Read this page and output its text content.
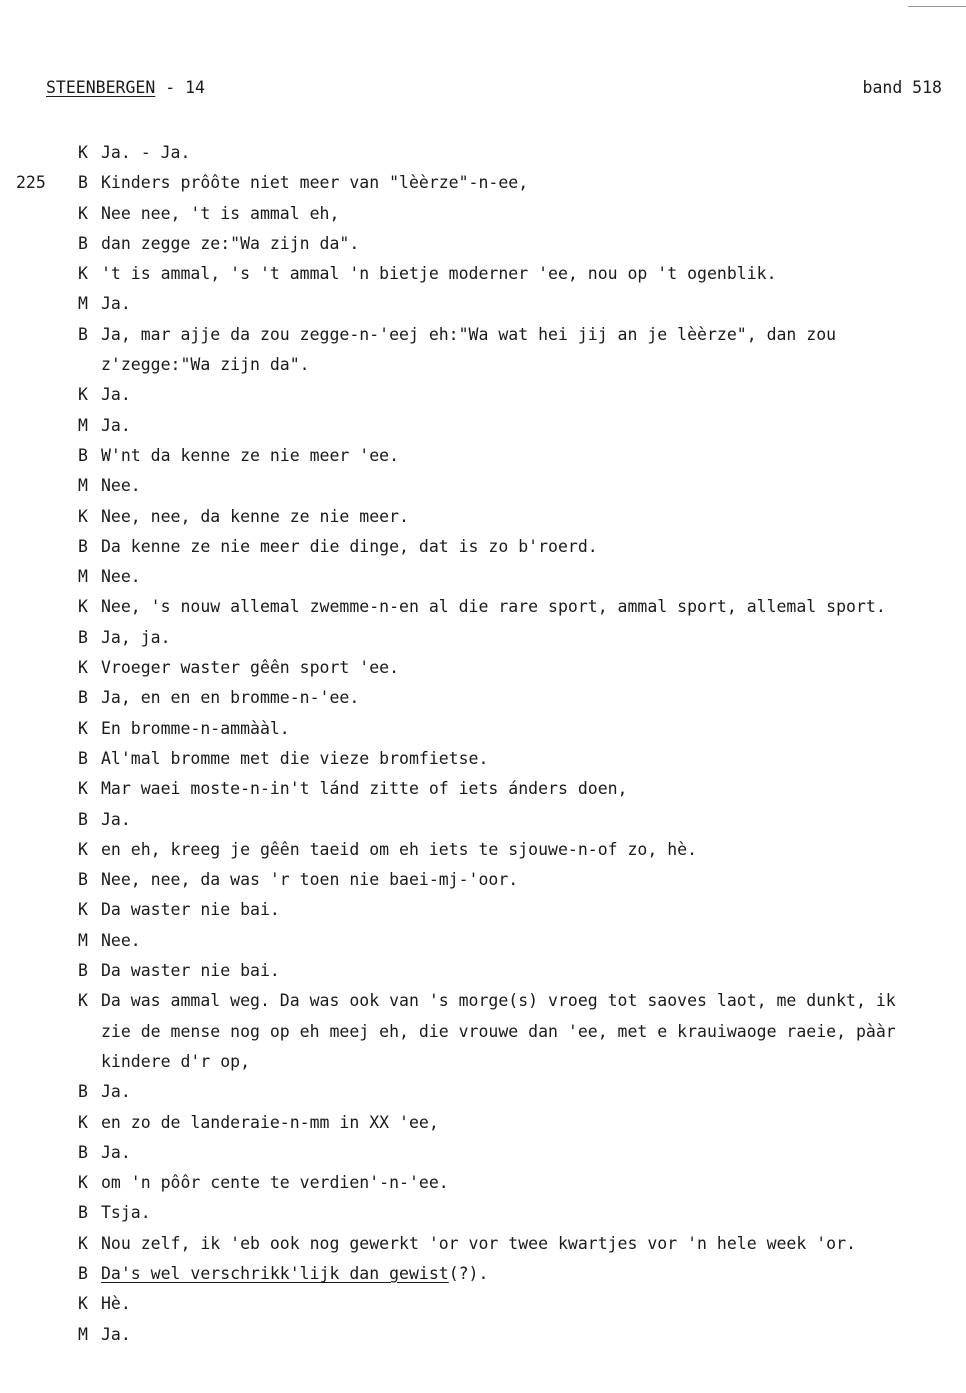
STEENBERGEN - 14	band 518
K Ja. - Ja.
225 B Kinders prôôte niet meer van "lèèrze"-n-ee,
K Nee nee, 't is ammal eh,
B dan zegge ze:"Wa zijn da".
K 't is ammal, 's 't ammal 'n bietje moderner 'ee, nou op 't ogenblik.
M Ja.
B Ja, mar ajje da zou zegge-n-'eej eh:"Wa wat hei jij an je lèèrze", dan zou
z'zegge:"Wa zijn da".
K Ja.
M Ja.
B W'nt da kenne ze nie meer 'ee.
M Nee.
K Nee, nee, da kenne ze nie meer.
B Da kenne ze nie meer die dinge, dat is zo b'roerd.
M Nee.
K Nee, 's nouw allemal zwemme-n-en al die rare sport, ammal sport, allemal sport.
B Ja, ja.
K Vroeger waster gêên sport 'ee.
B Ja, en en en bromme-n-'ee.
K En bromme-n-ammààl.
B Al'mal bromme met die vieze bromfietse.
K Mar waei moste-n-in't lánd zitte of iets ánders doen,
B Ja.
K en eh, kreeg je gêên taeid om eh iets te sjouwe-n-of zo, hè.
B Nee, nee, da was 'r toen nie baei-mj-'oor.
K Da waster nie bai.
M Nee.
B Da waster nie bai.
K Da was ammal weg. Da was ook van 's morge(s) vroeg tot saoves laot, me dunkt, ik
zie de mense nog op eh meej eh, die vrouwe dan 'ee, met e krauiwaoge raeie, pààr
kindere d'r op,
B Ja.
K en zo de landeraie-n-mm in XX 'ee,
B Ja.
K om 'n pôôr cente te verdien'-n-'ee.
B Tsja.
K Nou zelf, ik 'eb ook nog gewerkt 'or vor twee kwartjes vor 'n hele week 'or.
B Da's wel verschrikk'lijk dan gewist(?).
K Hè.
M Ja.
